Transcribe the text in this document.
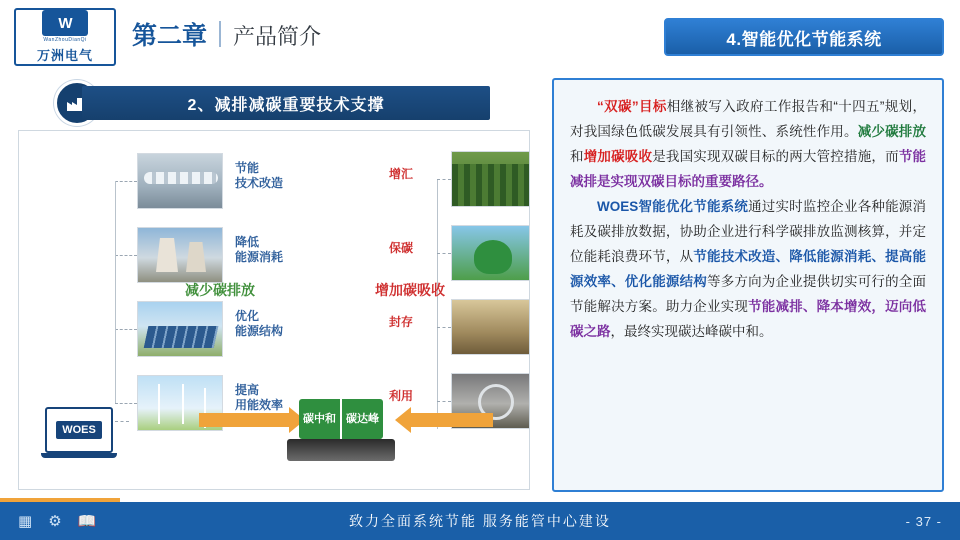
W
WanZhouDianQi
万洲电气
第二章 产品简介	4.智能优化节能系统
2、减排减碳重要技术支撑
WOES
节能
技术改造
降低
能源消耗
优化
能源结构
提高
用能效率
增汇
保碳
封存
利用
减少碳排放
碳中和 碳达峰
增加碳吸收

“双碳”目标相继被写入政府工作报告和“十四五”规划，对我国绿色低碳发展具有引领性、系统性作用。减少碳排放和增加碳吸收是我国实现双碳目标的两大管控措施，而节能减排是实现双碳目标的重要路径。

WOES智能优化节能系统通过实时监控企业各种能源消耗及碳排放数据，协助企业进行科学碳排放监测核算，并定位能耗浪费环节，从节能技术改造、降低能源消耗、提高能源效率、优化能源结构等多方向为企业提供切实可行的全面节能解决方案。助力企业实现节能减排、降本增效，迈向低碳之路，最终实现碳达峰碳中和。

▦ ⚙ 📖	致力全面系统节能 服务能管中心建设	- 37 -
